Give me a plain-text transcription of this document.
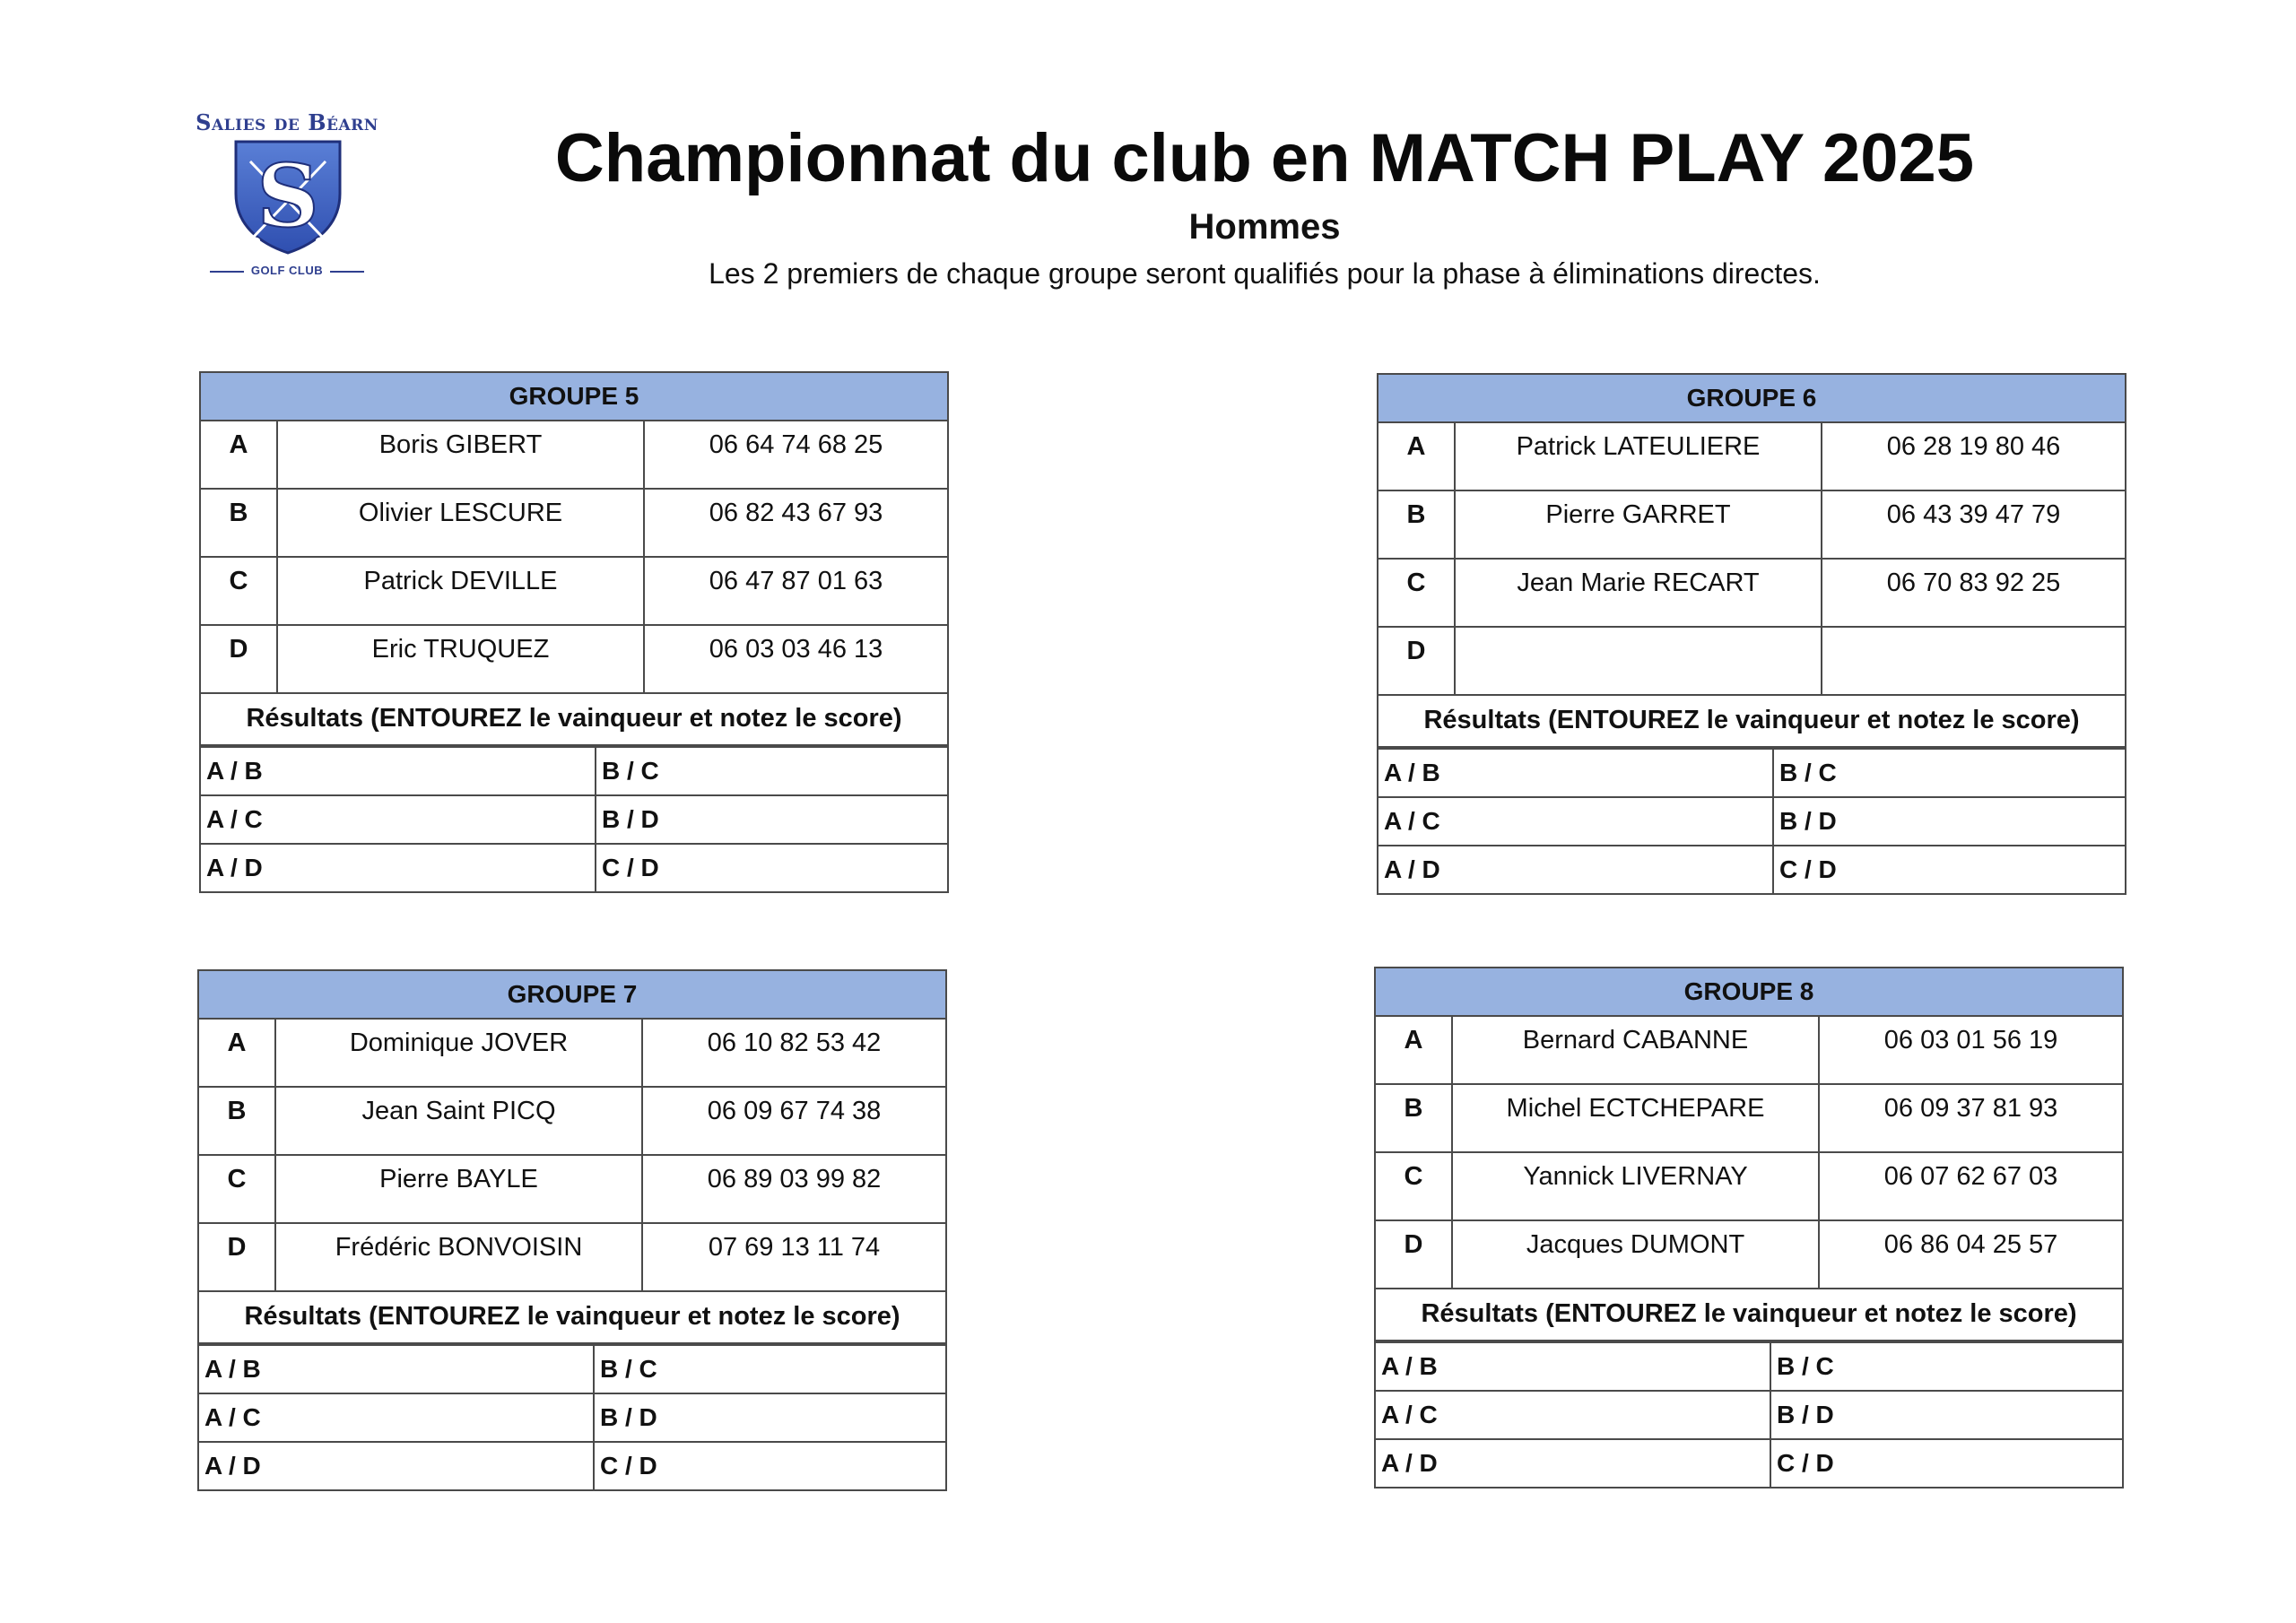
Salies de Béarn
S
GOLF CLUB
Championnat du club en MATCH PLAY 2025
Hommes
Les 2 premiers de chaque groupe seront qualifiés pour la phase à éliminations directes.
GROUPE 5		
A	Boris GIBERT	06 64 74 68 25
B	Olivier LESCURE	06 82 43 67 93
C	Patrick DEVILLE	06 47 87 01 63
D	Eric TRUQUEZ	06 03 03 46 13
Résultats (ENTOUREZ le vainqueur et notez le score)		
A / B	B / C
A / C	B / D
A / D	C / D
GROUPE 6		
A	Patrick LATEULIERE	06 28 19 80 46
B	Pierre GARRET	06 43 39 47 79
C	Jean Marie RECART	06 70 83 92 25
D		
Résultats (ENTOUREZ le vainqueur et notez le score)		
A / B	B / C
A / C	B / D
A / D	C / D
GROUPE 7		
A	Dominique JOVER	06 10 82 53 42
B	Jean Saint PICQ	06 09 67 74 38
C	Pierre BAYLE	06 89 03 99 82
D	Frédéric BONVOISIN	07 69 13 11 74
Résultats (ENTOUREZ le vainqueur et notez le score)		
A / B	B / C
A / C	B / D
A / D	C / D
GROUPE 8		
A	Bernard CABANNE	06 03 01 56 19
B	Michel ECTCHEPARE	06 09 37 81 93
C	Yannick LIVERNAY	06 07 62 67 03
D	Jacques DUMONT	06 86 04 25 57
Résultats (ENTOUREZ le vainqueur et notez le score)		
A / B	B / C
A / C	B / D
A / D	C / D
